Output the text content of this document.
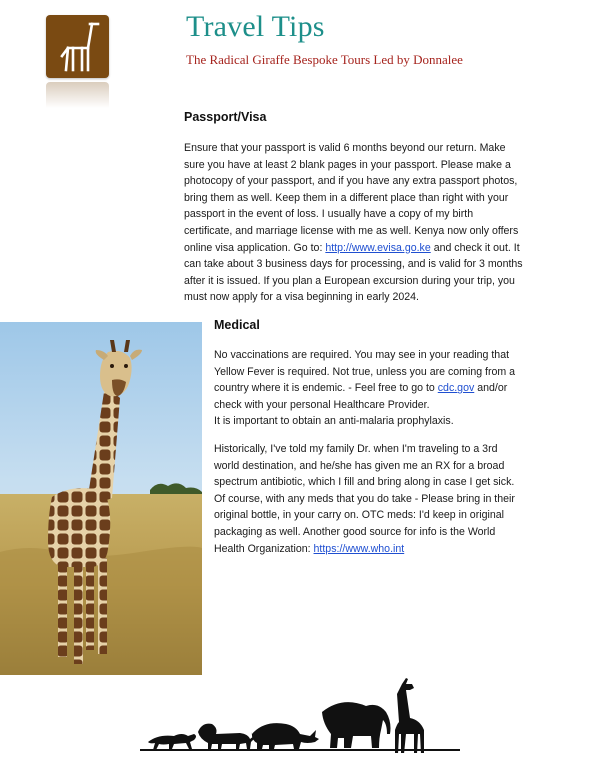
Travel Tips

The Radical Giraffe Bespoke Tours Led by Donnalee

Passport/Visa

Ensure that your passport is valid 6 months beyond our return. Make sure you have at least 2 blank pages in your passport. Please make a photocopy of your passport, and if you have any extra passport photos, bring them as well. Keep them in a different place than right with your passport in the event of loss. I usually have a copy of my birth certificate, and marriage license with me as well. Kenya now only offers online visa application. Go to: http://www.evisa.go.ke and check it out. It can take about 3 business days for processing, and is valid for 3 months after it is issued. If you plan a European excursion during your trip, you must now apply for a visa beginning in early 2024.

Medical

No vaccinations are required. You may see in your reading that Yellow Fever is required. Not true, unless you are coming from a country where it is endemic. - Feel free to go to cdc.gov and/or check with your personal Healthcare Provider.
It is important to obtain an anti-malaria prophylaxis.

Historically, I've told my family Dr. when I'm traveling to a 3rd world destination, and he/she has given me an RX for a broad spectrum antibiotic, which I fill and bring along in case I get sick. Of course, with any meds that you do take - Please bring in their original bottle, in your carry on. OTC meds: I'd keep in original packaging as well. Another good source for info is the World Health Organization: https://www.who.int
